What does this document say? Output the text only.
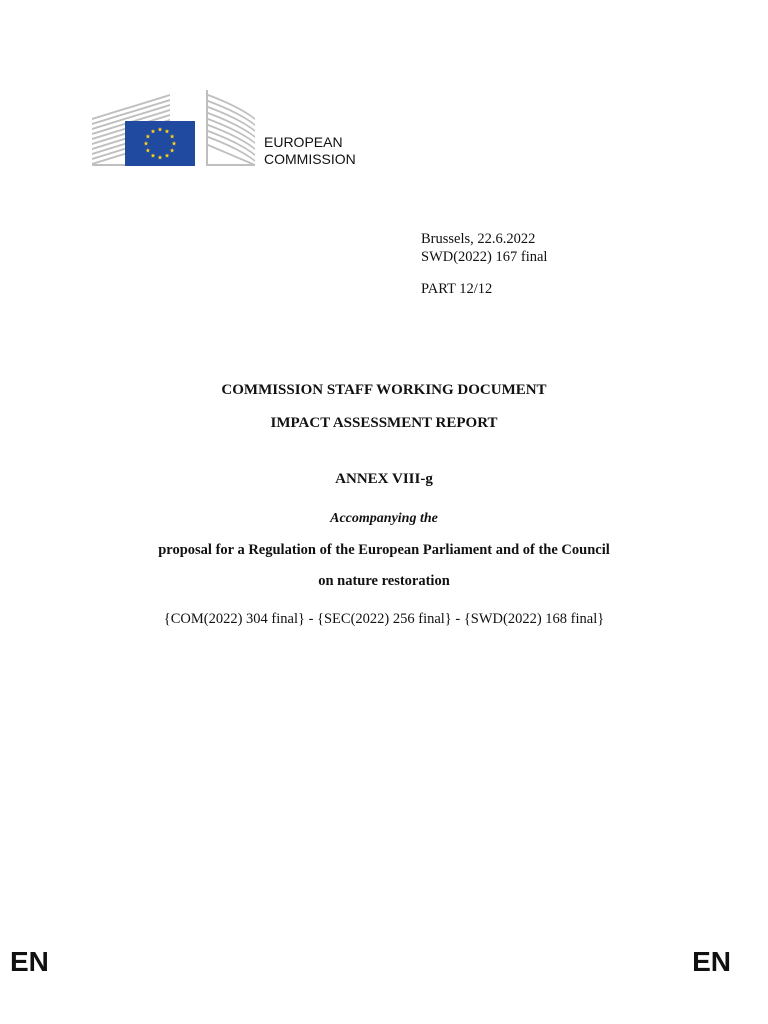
EUROPEAN
COMMISSION
Brussels, 22.6.2022
SWD(2022) 167 final
PART 12/12
COMMISSION STAFF WORKING DOCUMENT
IMPACT ASSESSMENT REPORT
ANNEX VIII-g
Accompanying the
proposal for a Regulation of the European Parliament and of the Council
on nature restoration
{COM(2022) 304 final} - {SEC(2022) 256 final} - {SWD(2022) 168 final}
EN	EN
